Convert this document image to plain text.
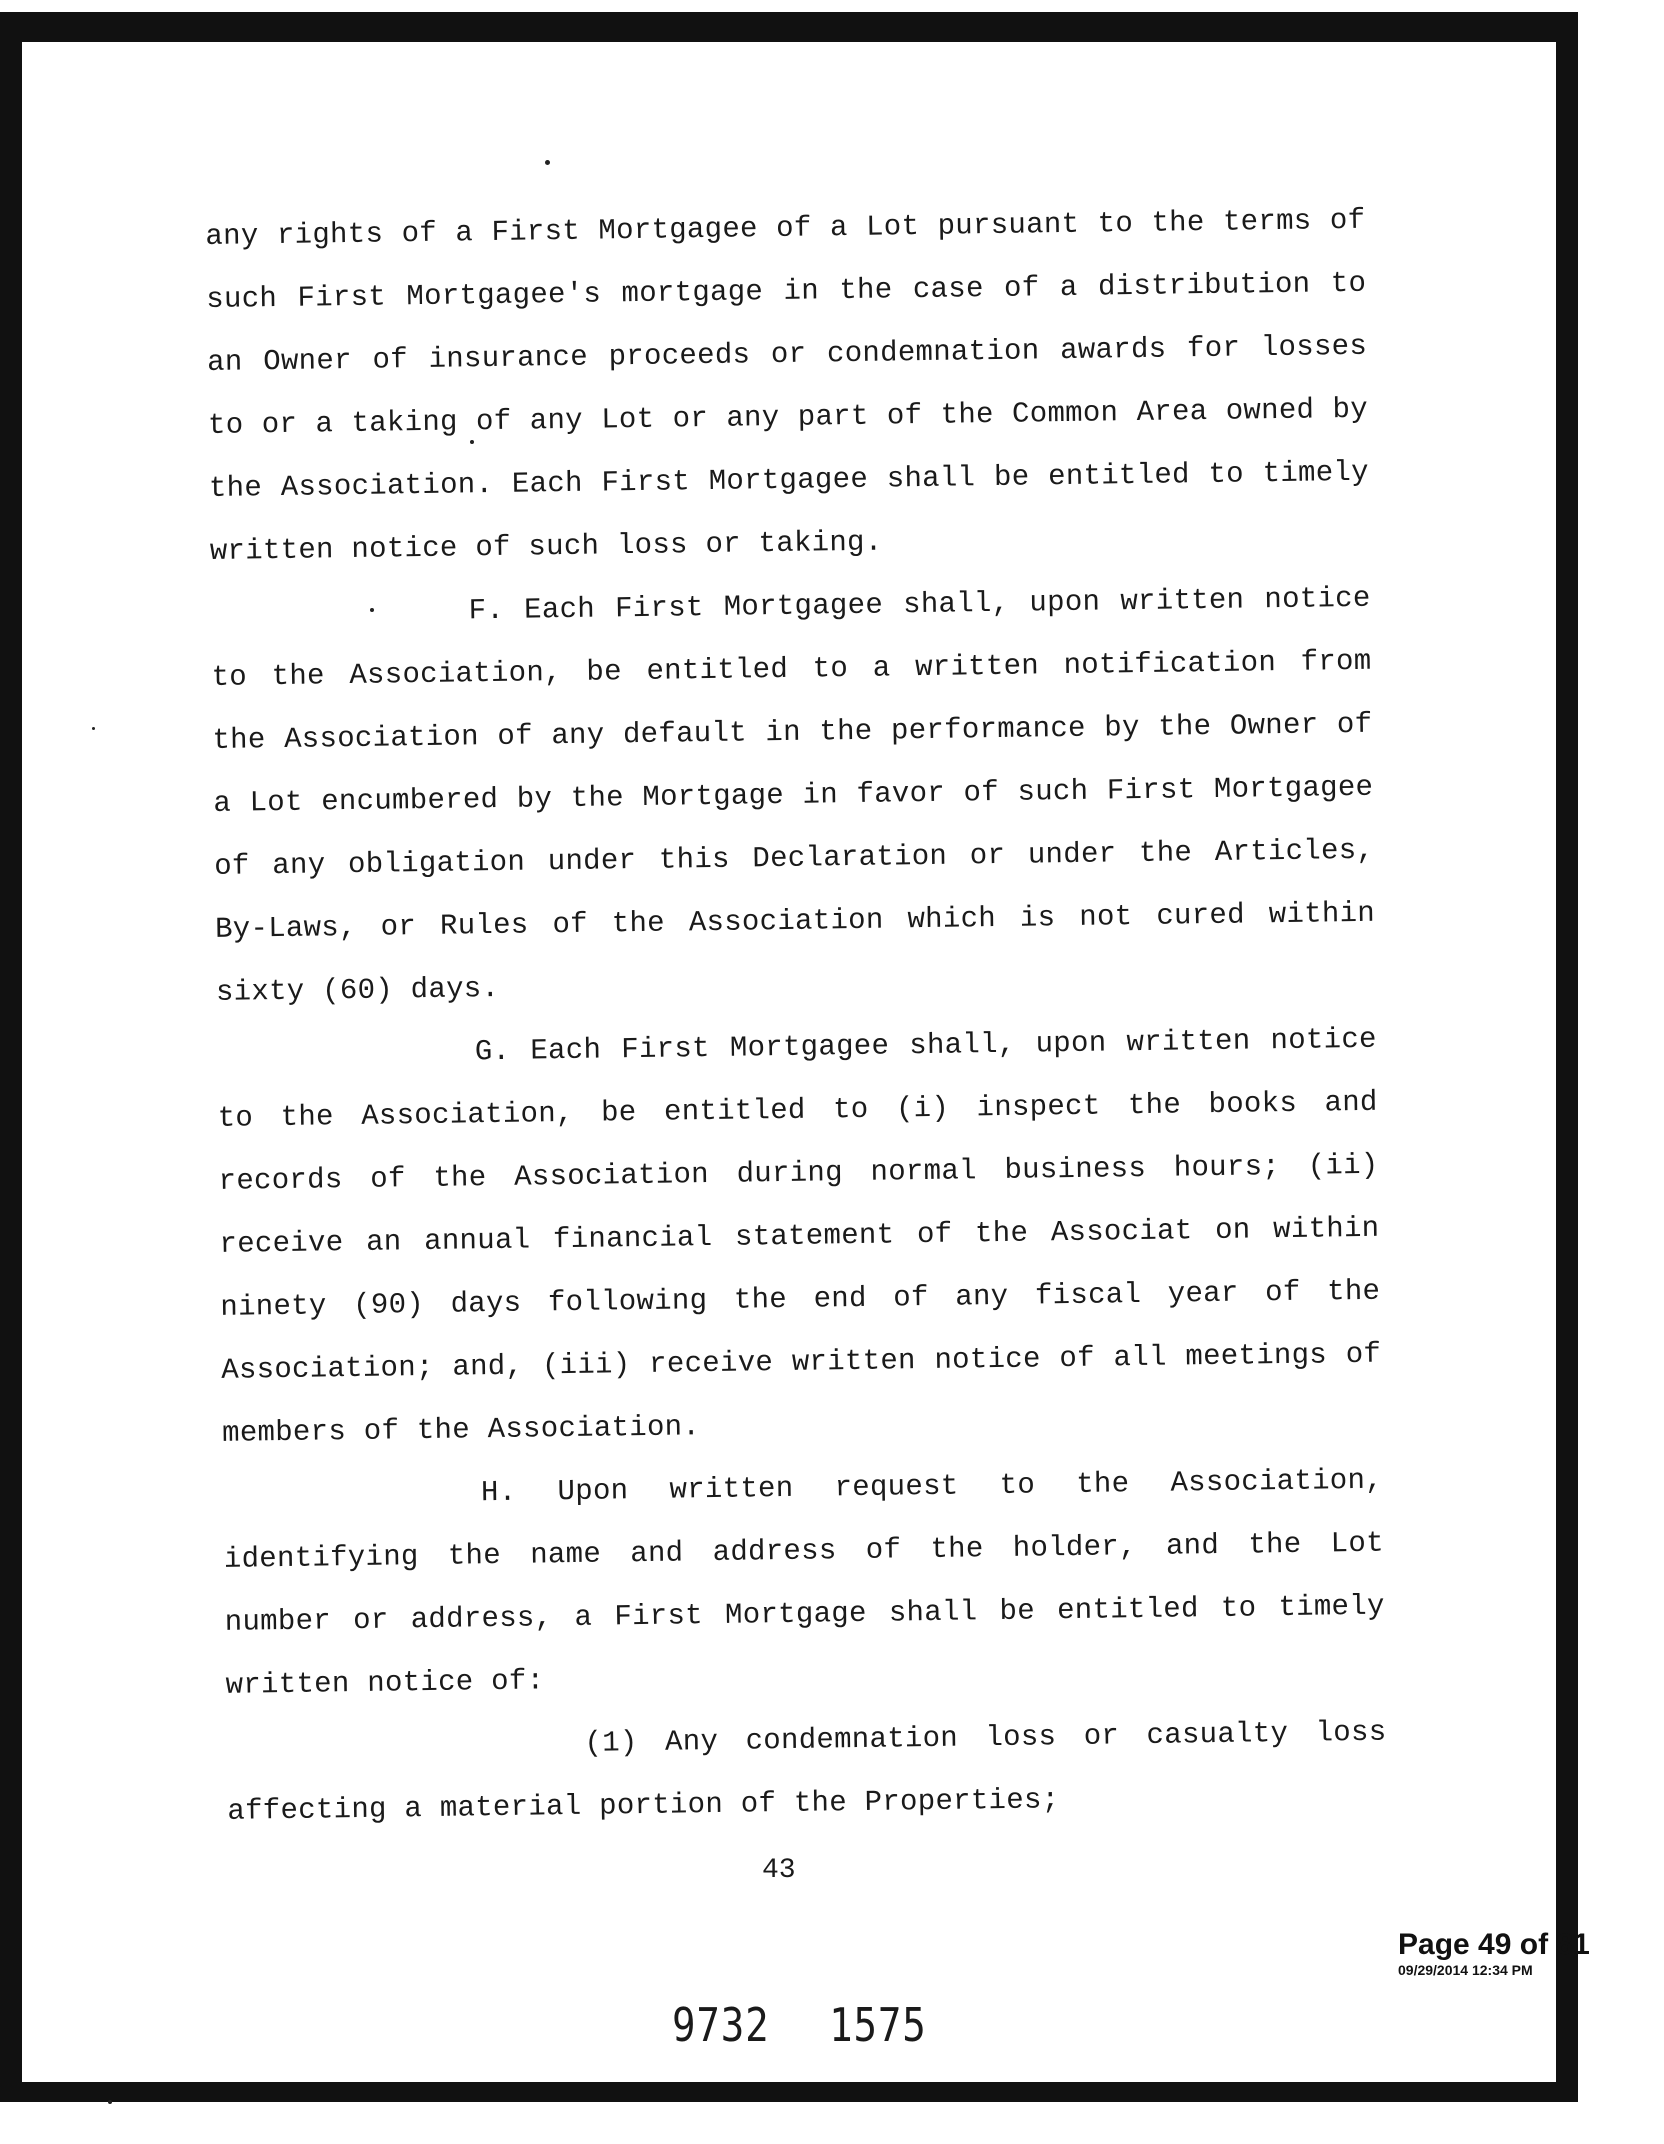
any rights of a First Mortgagee of a Lot pursuant to the terms of such First Mortgagee's mortgage in the case of a distribution to an Owner of insurance proceeds or condemnation awards for losses to or a taking of any Lot or any part of the Common Area owned by the Association. Each First Mortgagee shall be entitled to timely written notice of such loss or taking.

F. Each First Mortgagee shall, upon written notice to the Association, be entitled to a written notification from the Association of any default in the performance by the Owner of a Lot encumbered by the Mortgage in favor of such First Mortgagee of any obligation under this Declaration or under the Articles, By-Laws, or Rules of the Association which is not cured within sixty (60) days.

G. Each First Mortgagee shall, upon written notice to the Association, be entitled to (i) inspect the books and records of the Association during normal business hours; (ii) receive an annual financial statement of the Associat on within ninety (90) days following the end of any fiscal year of the Association; and, (iii) receive written notice of all meetings of members of the Association.

H. Upon written request to the Association, identifying the name and address of the holder, and the Lot number or address, a First Mortgage shall be entitled to timely written notice of:

(1) Any condemnation loss or casualty loss affecting a material portion of the Properties;

43
Page 49 of 81
09/29/2014 12:34 PM
9732 1575
